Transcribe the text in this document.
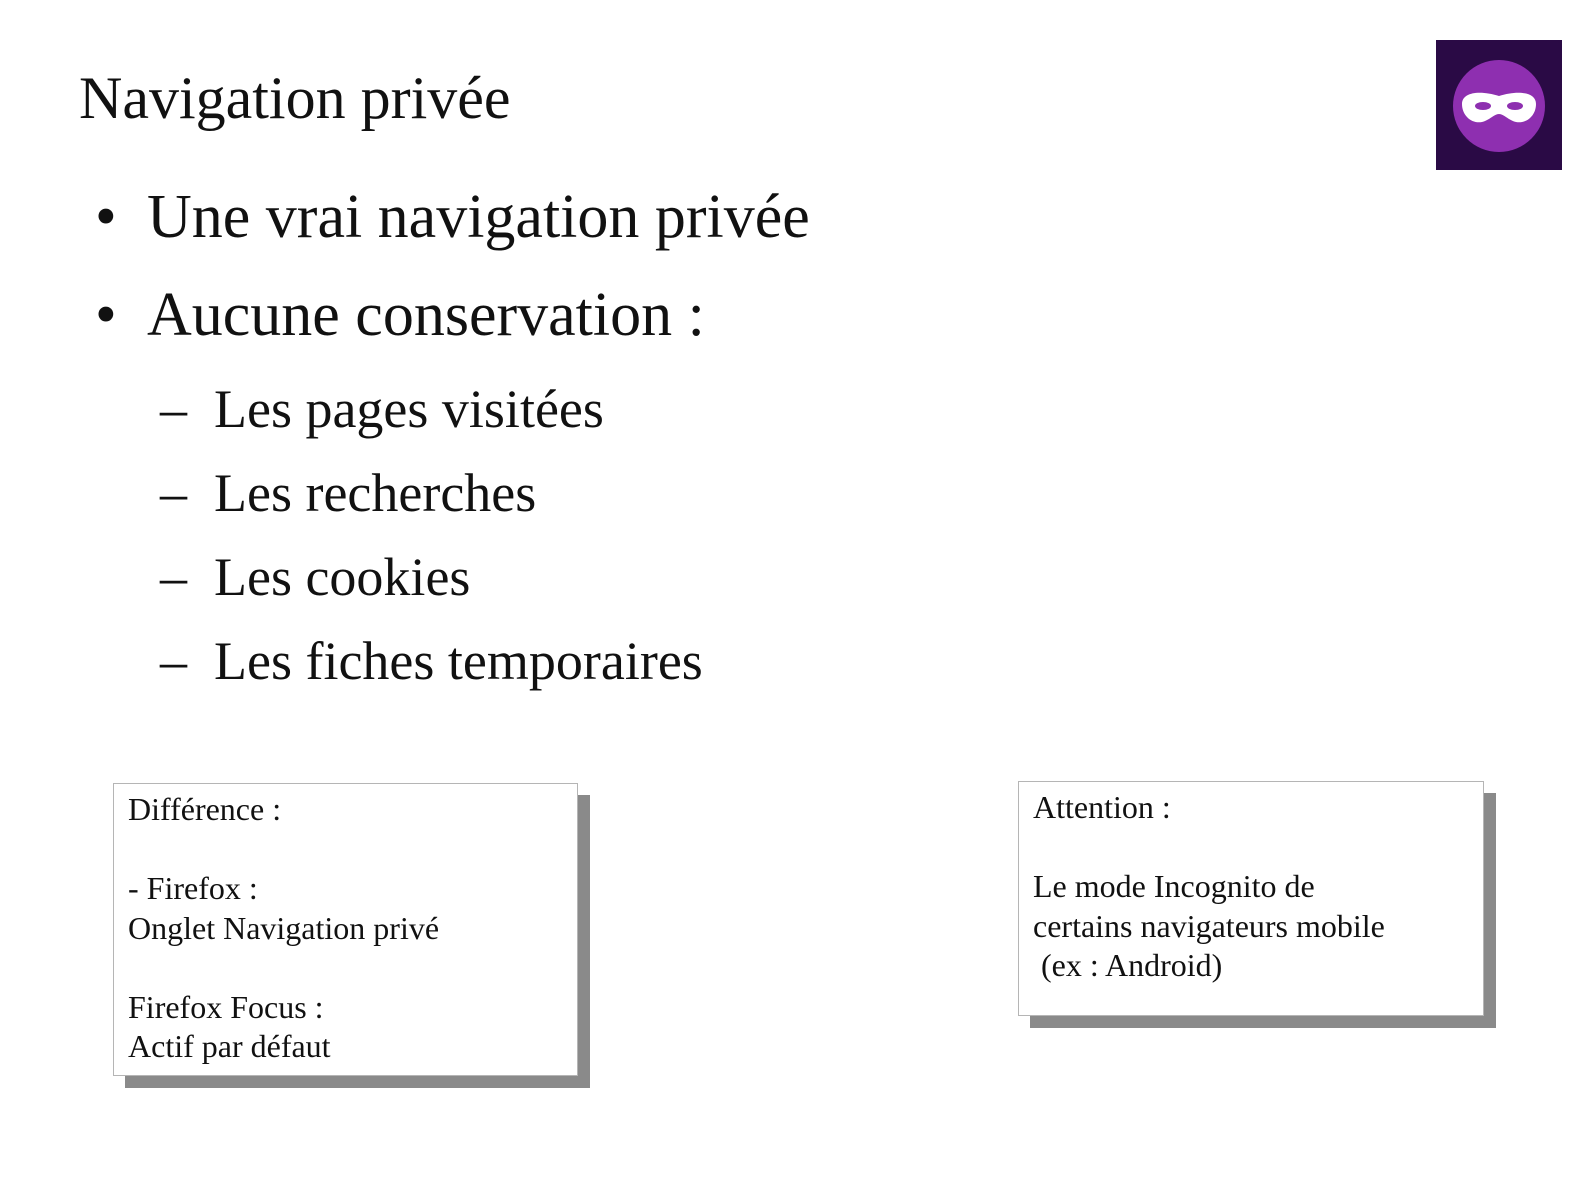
Navigation privée
• Une vrai navigation privée
• Aucune conservation :
– Les pages visitées
– Les recherches
– Les cookies
– Les fiches temporaires

Différence :

- Firefox :

Onglet Navigation privé

Firefox Focus :

Actif par défaut

Attention :

Le mode Incognito de

certains navigateurs mobile

(ex : Android)
